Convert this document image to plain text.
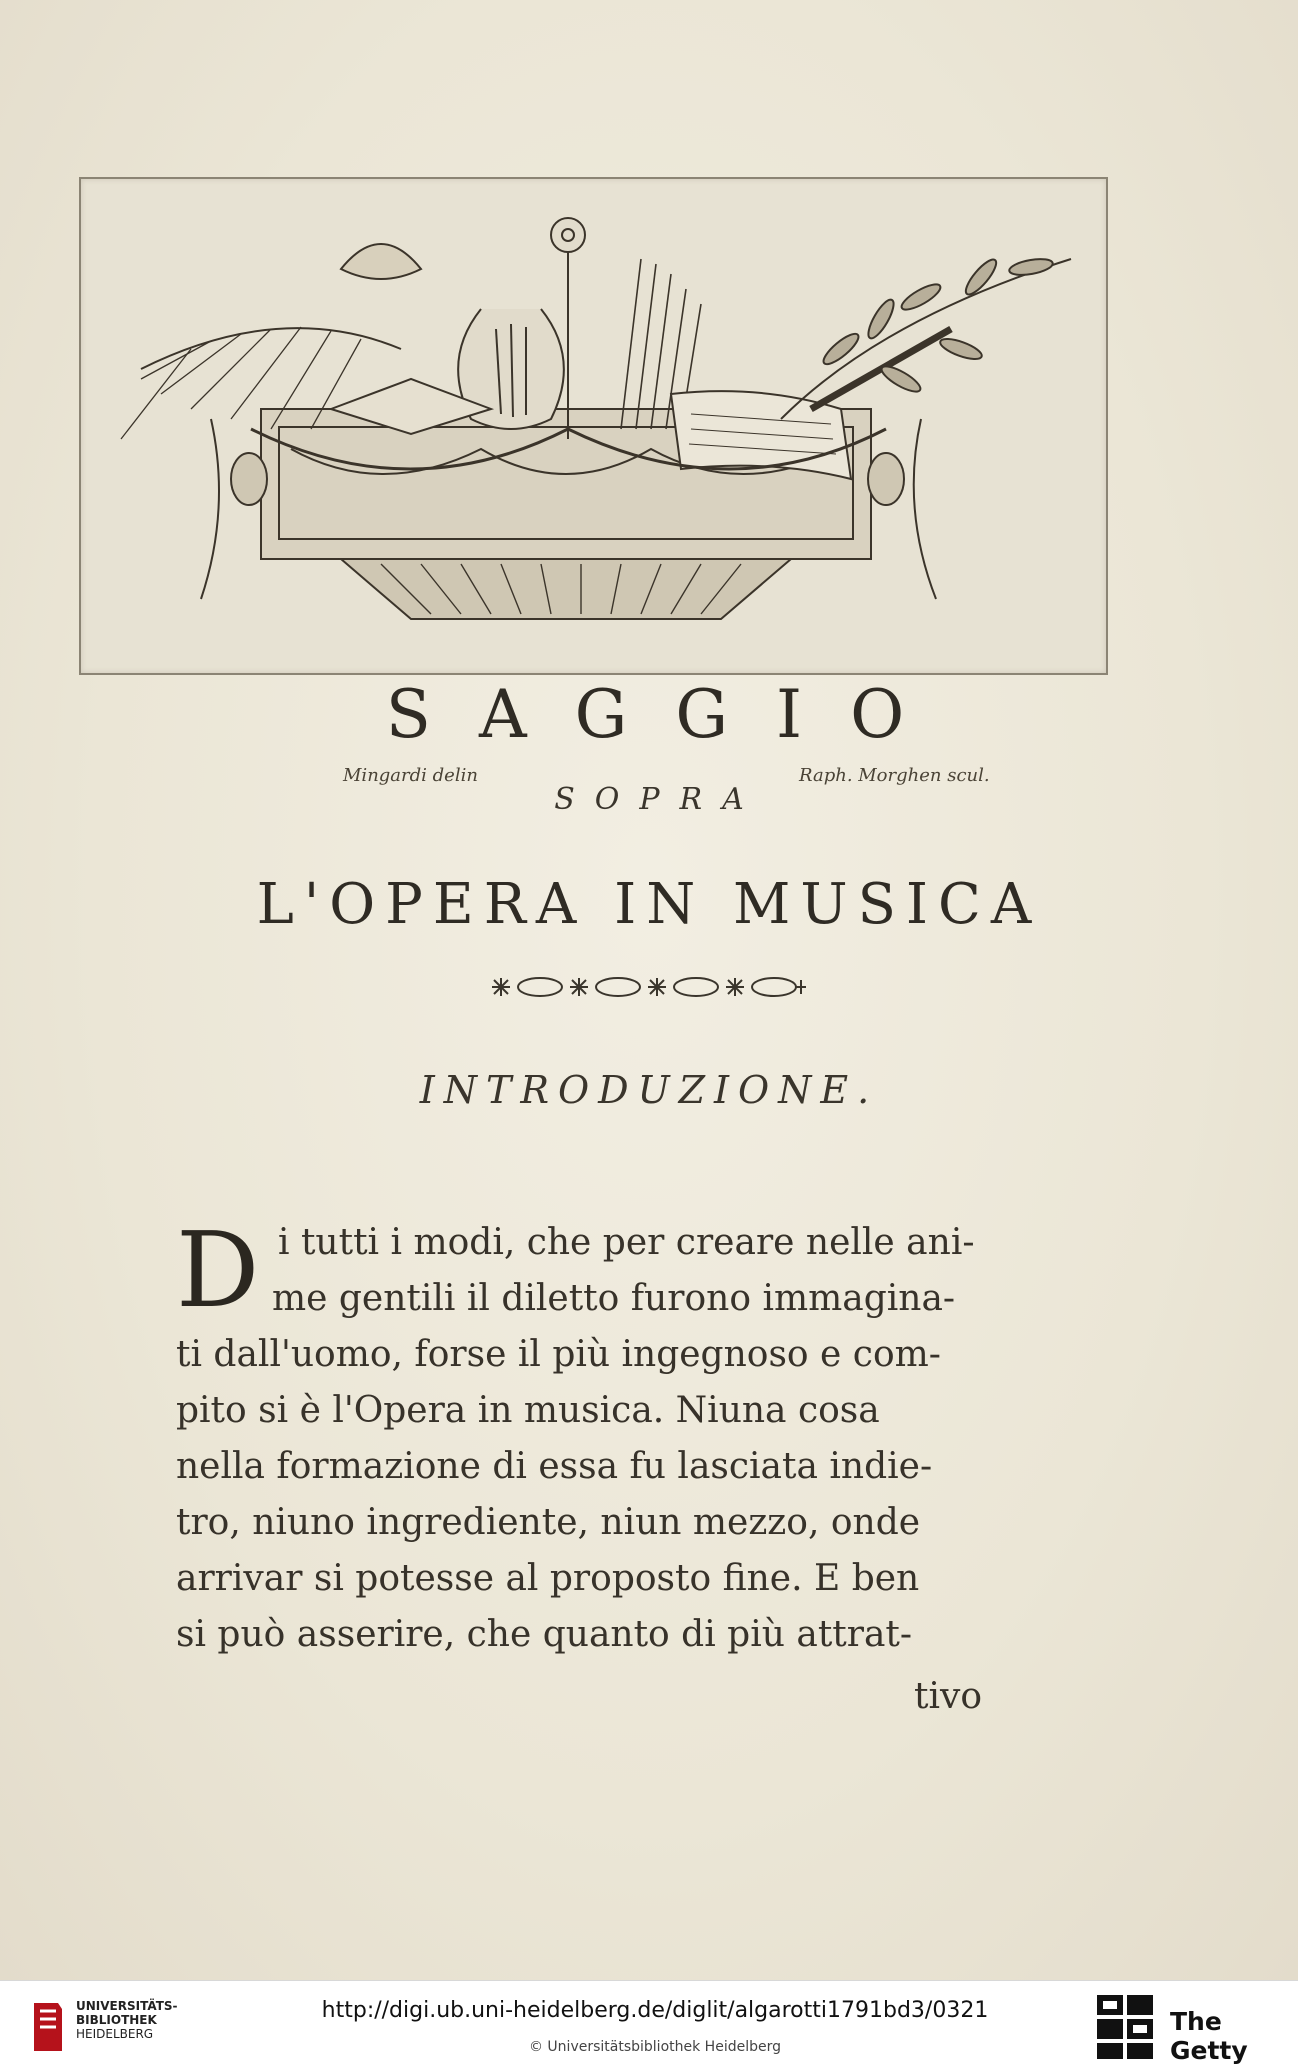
Mingardi delin	Raph. Morghen scul.
SAGGIO
SOPRA
L'OPERA IN MUSICA
INTRODUZIONE.
D i tutti i modi, che per creare nelle ani-
me gentili il diletto furono immagina-
ti dall'uomo, forse il più ingegnoso e com-
pito si è l'Opera in musica. Niuna cosa
nella formazione di essa fu lasciata indie-
tro, niuno ingrediente, niun mezzo, onde
arrivar si potesse al proposto fine. E ben
si può asserire, che quanto di più attrat-
tivo
UNIVERSITÄTS-
BIBLIOTHEK
HEIDELBERG
http://digi.ub.uni-heidelberg.de/diglit/algarotti1791bd3/0321
© Universitätsbibliothek Heidelberg
The Getty
